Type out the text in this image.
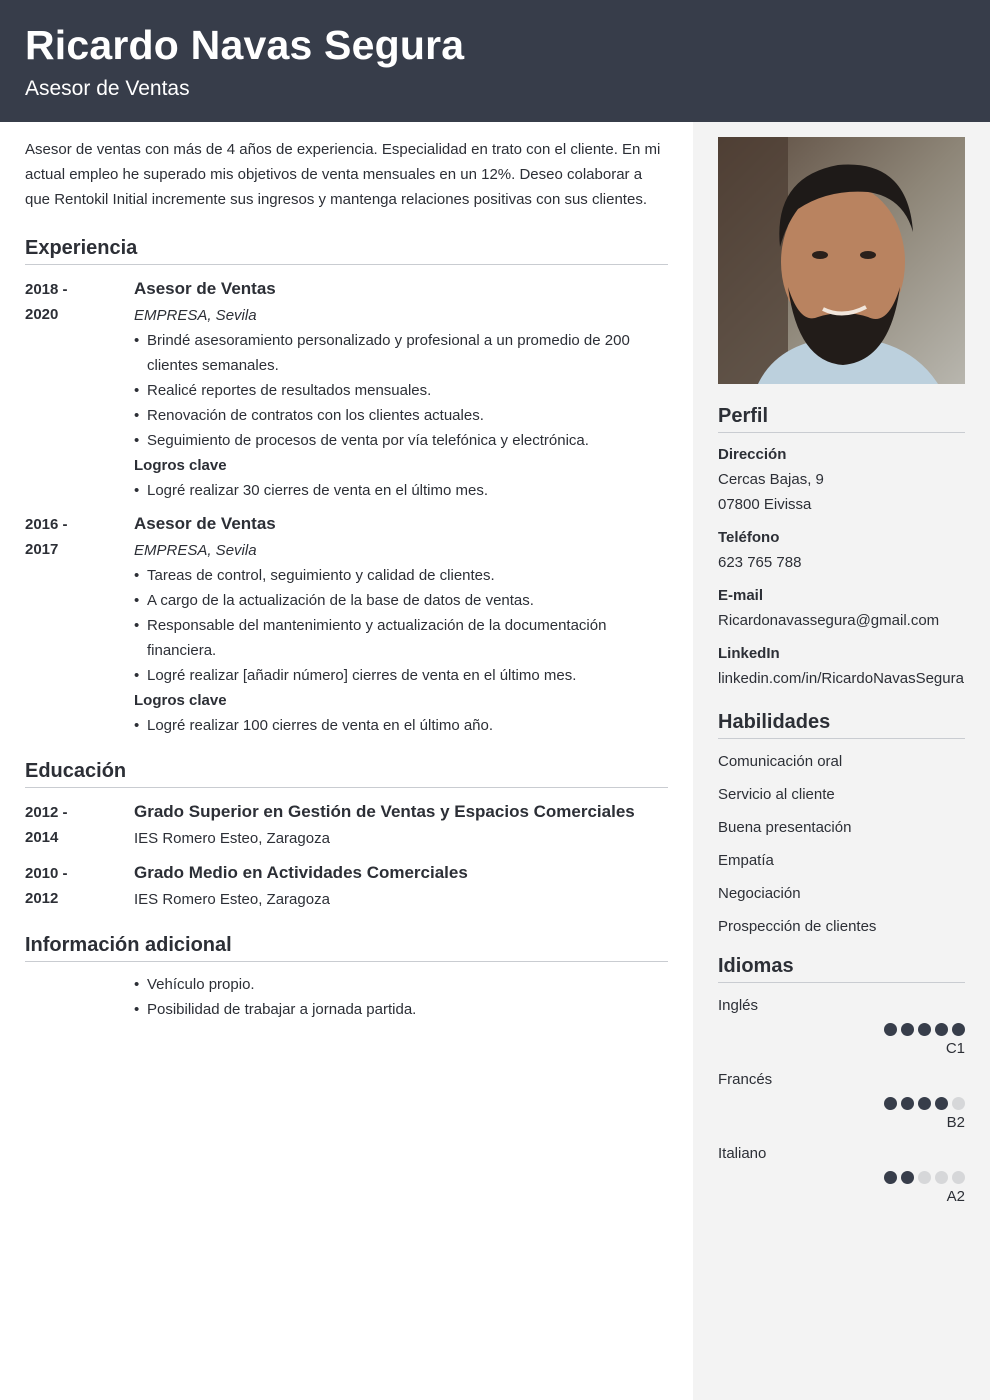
Ricardo Navas Segura
Asesor de Ventas

Asesor de ventas con más de 4 años de experiencia. Especialidad en trato con el cliente. En mi actual empleo he superado mis objetivos de venta mensuales en un 12%. Deseo colaborar a que Rentokil Initial incremente sus ingresos y mantenga relaciones positivas con sus clientes.

Experiencia
2018 -
2020
Asesor de Ventas
EMPRESA, Sevila
• Brindé asesoramiento personalizado y profesional a un promedio de 200 clientes semanales.
• Realicé reportes de resultados mensuales.
• Renovación de contratos con los clientes actuales.
• Seguimiento de procesos de venta por vía telefónica y electrónica.
Logros clave
• Logré realizar 30 cierres de venta en el último mes.
2016 -
2017
Asesor de Ventas
EMPRESA, Sevila
• Tareas de control, seguimiento y calidad de clientes.
• A cargo de la actualización de la base de datos de ventas.
• Responsable del mantenimiento y actualización de la documentación financiera.
• Logré realizar [añadir número] cierres de venta en el último mes.
Logros clave
• Logré realizar 100 cierres de venta en el último año.
Educación
2012 -
2014
Grado Superior en Gestión de Ventas y Espacios Comerciales
IES Romero Esteo, Zaragoza
2010 -
2012
Grado Medio en Actividades Comerciales
IES Romero Esteo, Zaragoza
Información adicional
• Vehículo propio.
• Posibilidad de trabajar a jornada partida.
Perfil
Dirección
Cercas Bajas, 9
07800 Eivissa
Teléfono
623 765 788
E-mail
Ricardonavassegura@gmail.com
LinkedIn
linkedin.com/in/RicardoNavasSegura
Habilidades
Comunicación oral
Servicio al cliente
Buena presentación
Empatía
Negociación
Prospección de clientes
Idiomas
Inglés
C1
Francés
B2
Italiano
A2
